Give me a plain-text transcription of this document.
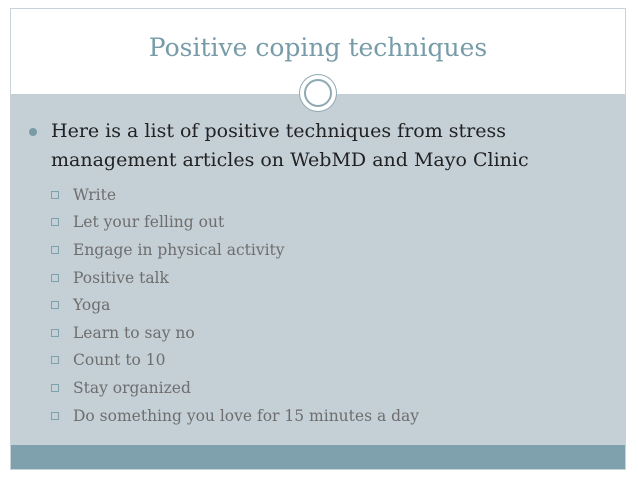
Positive coping techniques
Here is a list of positive techniques from stress management articles on WebMD and Mayo Clinic
Write
Let your felling out
Engage in physical activity
Positive talk
Yoga
Learn to say no
Count to 10
Stay organized
Do something you love for 15 minutes a day
